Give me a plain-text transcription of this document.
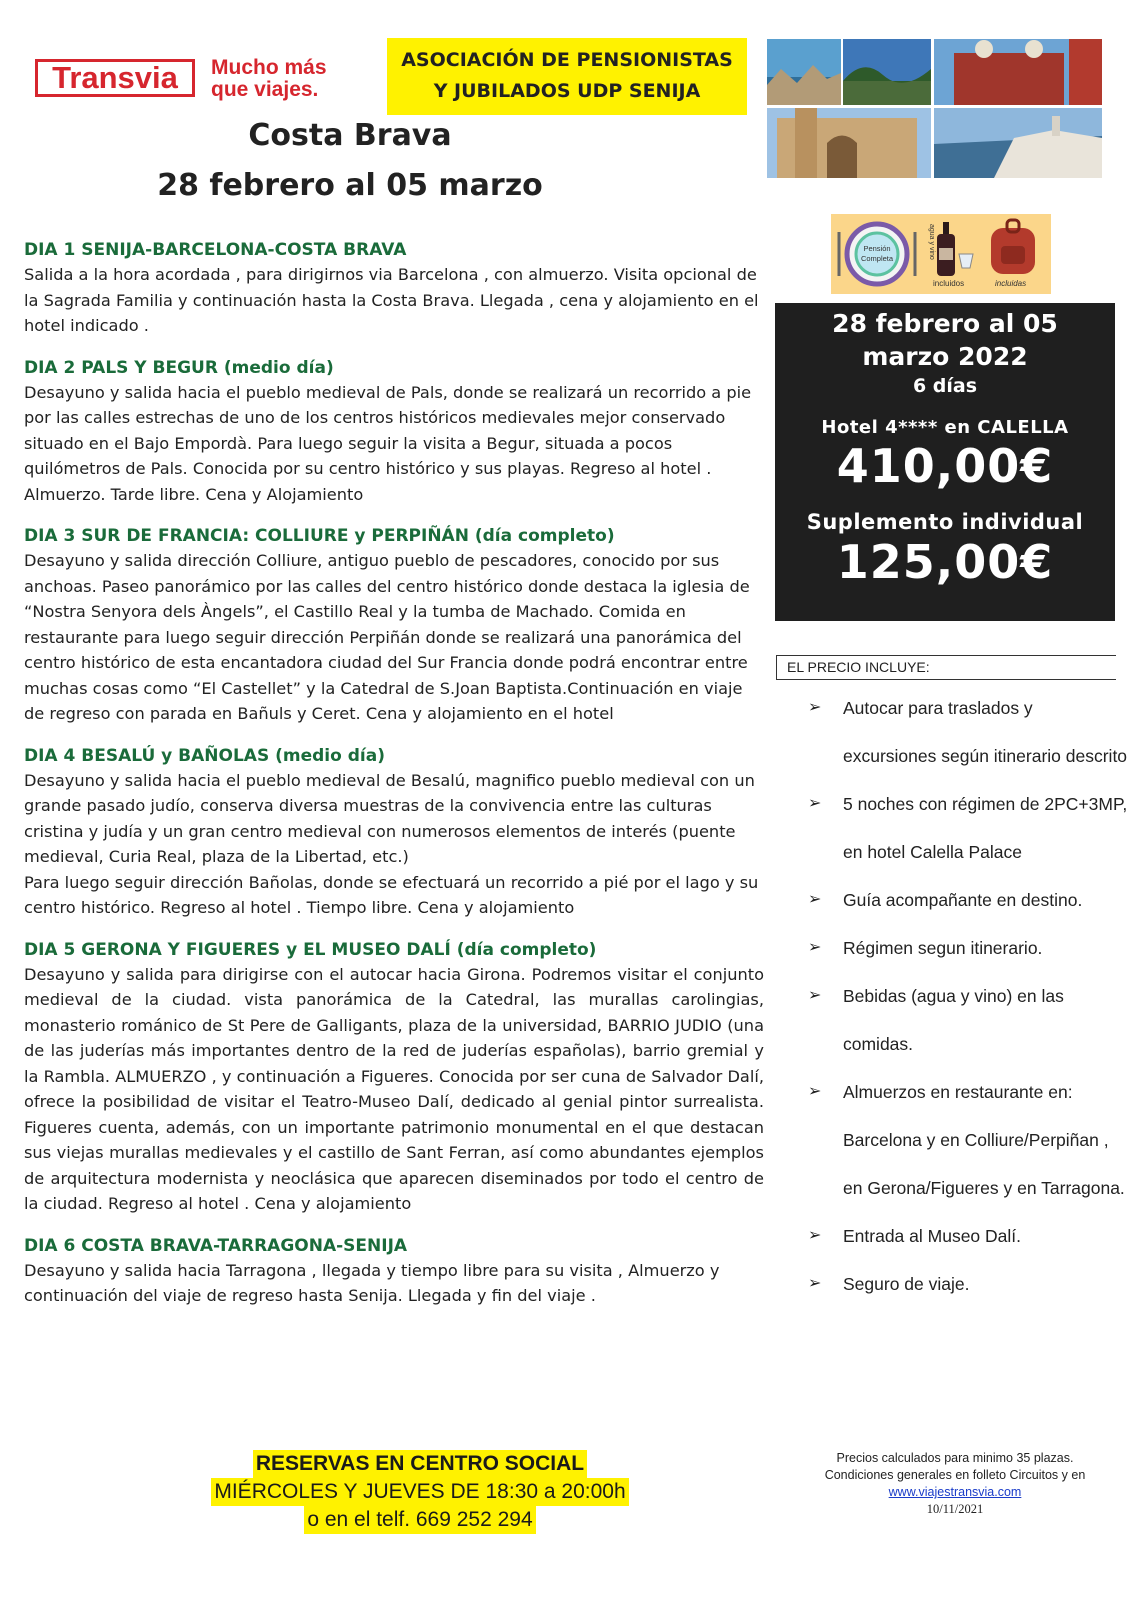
Transvia	Mucho más
que viajes.
ASOCIACIÓN DE PENSIONISTAS
Y JUBILADOS UDP SENIJA
Costa Brava
28 febrero al 05 marzo
Pensión
Completa	agua y vino
incluidos	incluidas
28 febrero al 05
marzo 2022
6 días
Hotel 4**** en CALELLA
410,00€
Suplemento individual
125,00€
DIA 1 SENIJA-BARCELONA-COSTA BRAVA

Salida a la hora acordada , para dirigirnos via Barcelona , con almuerzo. Visita opcional de la Sagrada Familia y continuación hasta la Costa Brava. Llegada , cena y alojamiento en el hotel indicado .

DIA 2 PALS Y BEGUR (medio día)

Desayuno y salida hacia el pueblo medieval de Pals, donde se realizará un recorrido a pie por las calles estrechas de uno de los centros históricos medievales mejor conservado situado en el Bajo Empordà. Para luego seguir la visita a Begur, situada a pocos quilómetros de Pals. Conocida por su centro histórico y sus playas. Regreso al hotel . Almuerzo. Tarde libre. Cena y Alojamiento

DIA 3 SUR DE FRANCIA: COLLIURE y PERPIÑÁN (día completo)

Desayuno y salida dirección Colliure, antiguo pueblo de pescadores, conocido por sus anchoas. Paseo panorámico por las calles del centro histórico donde destaca la iglesia de “Nostra Senyora dels Àngels”, el Castillo Real y la tumba de Machado. Comida en restaurante para luego seguir dirección Perpiñán donde se realizará una panorámica del centro histórico de esta encantadora ciudad del Sur Francia donde podrá encontrar entre muchas cosas como “El Castellet” y la Catedral de S.Joan Baptista.Continuación en viaje de regreso con parada en Bañuls y Ceret. Cena y alojamiento en el hotel

DIA 4 BESALÚ y BAÑOLAS (medio día)

Desayuno y salida hacia el pueblo medieval de Besalú, magnifico pueblo medieval con un grande pasado judío, conserva diversa muestras de la convivencia entre las culturas cristina y judía y un gran centro medieval con numerosos elementos de interés (puente medieval, Curia Real, plaza de la Libertad, etc.)

Para luego seguir dirección Bañolas, donde se efectuará un recorrido a pié por el lago y su centro histórico. Regreso al hotel . Tiempo libre. Cena y alojamiento

DIA 5 GERONA Y FIGUERES y EL MUSEO DALÍ (día completo)

Desayuno y salida para dirigirse con el autocar hacia Girona. Podremos visitar el conjunto medieval de la ciudad. vista panorámica de la Catedral, las murallas carolingias, monasterio románico de St Pere de Galligants, plaza de la universidad, BARRIO JUDIO (una de las juderías más importantes dentro de la red de juderías españolas), barrio gremial y la Rambla. ALMUERZO , y continuación a Figueres. Conocida por ser cuna de Salvador Dalí, ofrece la posibilidad de visitar el Teatro-Museo Dalí, dedicado al genial pintor surrealista. Figueres cuenta, además, con un importante patrimonio monumental en el que destacan sus viejas murallas medievales y el castillo de Sant Ferran, así como abundantes ejemplos de arquitectura modernista y neoclásica que aparecen diseminados por todo el centro de la ciudad. Regreso al hotel . Cena y alojamiento

DIA 6 COSTA BRAVA-TARRAGONA-SENIJA

Desayuno y salida hacia Tarragona , llegada y tiempo libre para su visita , Almuerzo y continuación del viaje de regreso hasta Senija. Llegada y fin del viaje .

RESERVAS EN CENTRO SOCIAL
MIÉRCOLES Y JUEVES DE 18:30 a 20:00h
o en el telf. 669 252 294
EL PRECIO INCLUYE:
➢ Autocar para traslados y excursiones según itinerario descrito
➢ 5 noches con régimen de 2PC+3MP, en hotel Calella Palace
➢ Guía acompañante en destino.
➢ Régimen segun itinerario.
➢ Bebidas (agua y vino) en las comidas.
➢ Almuerzos en restaurante en: Barcelona y en Colliure/Perpiñan , en Gerona/Figueres y en Tarragona.
➢ Entrada al Museo Dalí.
➢ Seguro de viaje.
Precios calculados para minimo 35 plazas.
Condiciones generales en folleto Circuitos y en
www.viajestransvia.com
10/11/2021
